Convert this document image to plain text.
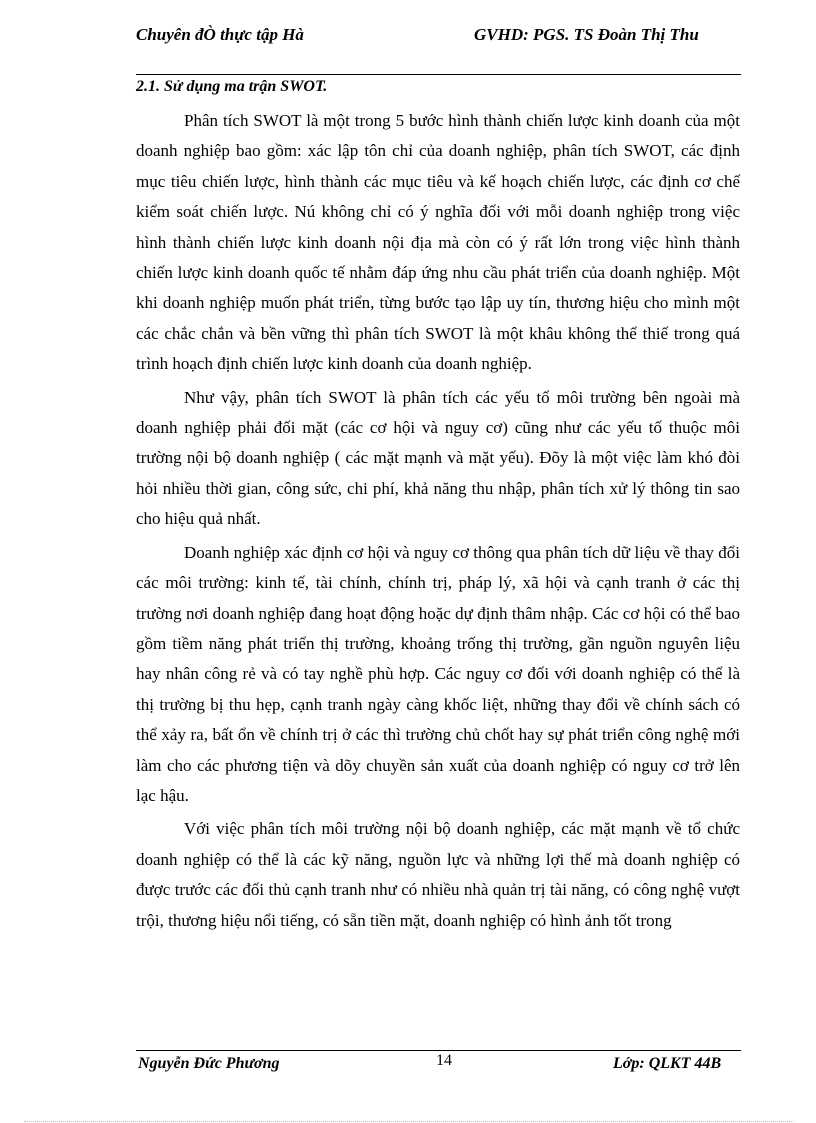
Chuyên đÒ thực tập Hà	GVHD: PGS. TS Đoàn Thị Thu
2.1. Sử dụng ma trận SWOT.

Phân tích SWOT là một trong 5 bước hình thành chiến lược kinh doanh của một doanh nghiệp bao gồm: xác lập tôn chỉ của doanh nghiệp, phân tích SWOT, các định mục tiêu chiến lược, hình thành các mục tiêu và kế hoạch chiến lược, các định cơ chế kiểm soát chiến lược. Nú không chỉ có ý nghĩa đối với mỗi doanh nghiệp trong việc hình thành chiến lược kinh doanh nội địa mà còn có ý rất lớn trong việc hình thành chiến lược kinh doanh quốc tế nhằm đáp ứng nhu cầu phát triển của doanh nghiệp. Một khi doanh nghiệp muốn phát triển, từng bước tạo lập uy tín, thương hiệu cho mình một các chắc chắn và bền vững thì phân tích SWOT là một khâu không thể thiế trong quá trình hoạch định chiến lược kinh doanh của doanh nghiệp.

Như vậy, phân tích SWOT là phân tích các yếu tố môi trường bên ngoài mà doanh nghiệp phải đối mặt (các cơ hội và nguy cơ) cũng như các yếu tố thuộc môi trường nội bộ doanh nghiệp ( các mặt mạnh và mặt yếu). Đõy là một việc làm khó đòi hỏi nhiều thời gian, công sức, chi phí, khả năng thu nhập, phân tích xử lý thông tin sao cho hiệu quả nhất.

Doanh nghiệp xác định cơ hội và nguy cơ thông qua phân tích dữ liệu về thay đổi các môi trường: kinh tế, tài chính, chính trị, pháp lý, xã hội và cạnh tranh ở các thị trường nơi doanh nghiệp đang hoạt động hoặc dự định thâm nhập. Các cơ hội có thể bao gồm tiềm năng phát triển thị trường, khoảng trống thị trường, gần nguồn nguyên liệu hay nhân công rẻ và có tay nghề phù hợp. Các nguy cơ đối với doanh nghiệp có thể là thị trường bị thu hẹp, cạnh tranh ngày càng khốc liệt, những thay đổi về chính sách có thể xảy ra, bất ổn về chính trị ở các thì trường chủ chốt hay sự phát triển công nghệ mới làm cho các phương tiện và dõy chuyền sản xuất của doanh nghiệp có nguy cơ trở lên lạc hậu.

Với việc phân tích môi trường nội bộ doanh nghiệp, các mặt mạnh về tổ chức doanh nghiệp có thể là các kỹ năng, nguồn lực và những lợi thế mà doanh nghiệp có được trước các đối thủ cạnh tranh như có nhiều nhà quản trị tài năng, có công nghệ vượt trội, thương hiệu nổi tiếng, có sẵn tiền mặt, doanh nghiệp có hình ảnh tốt trong

Nguyễn Đức Phương	14	Lớp: QLKT 44B
